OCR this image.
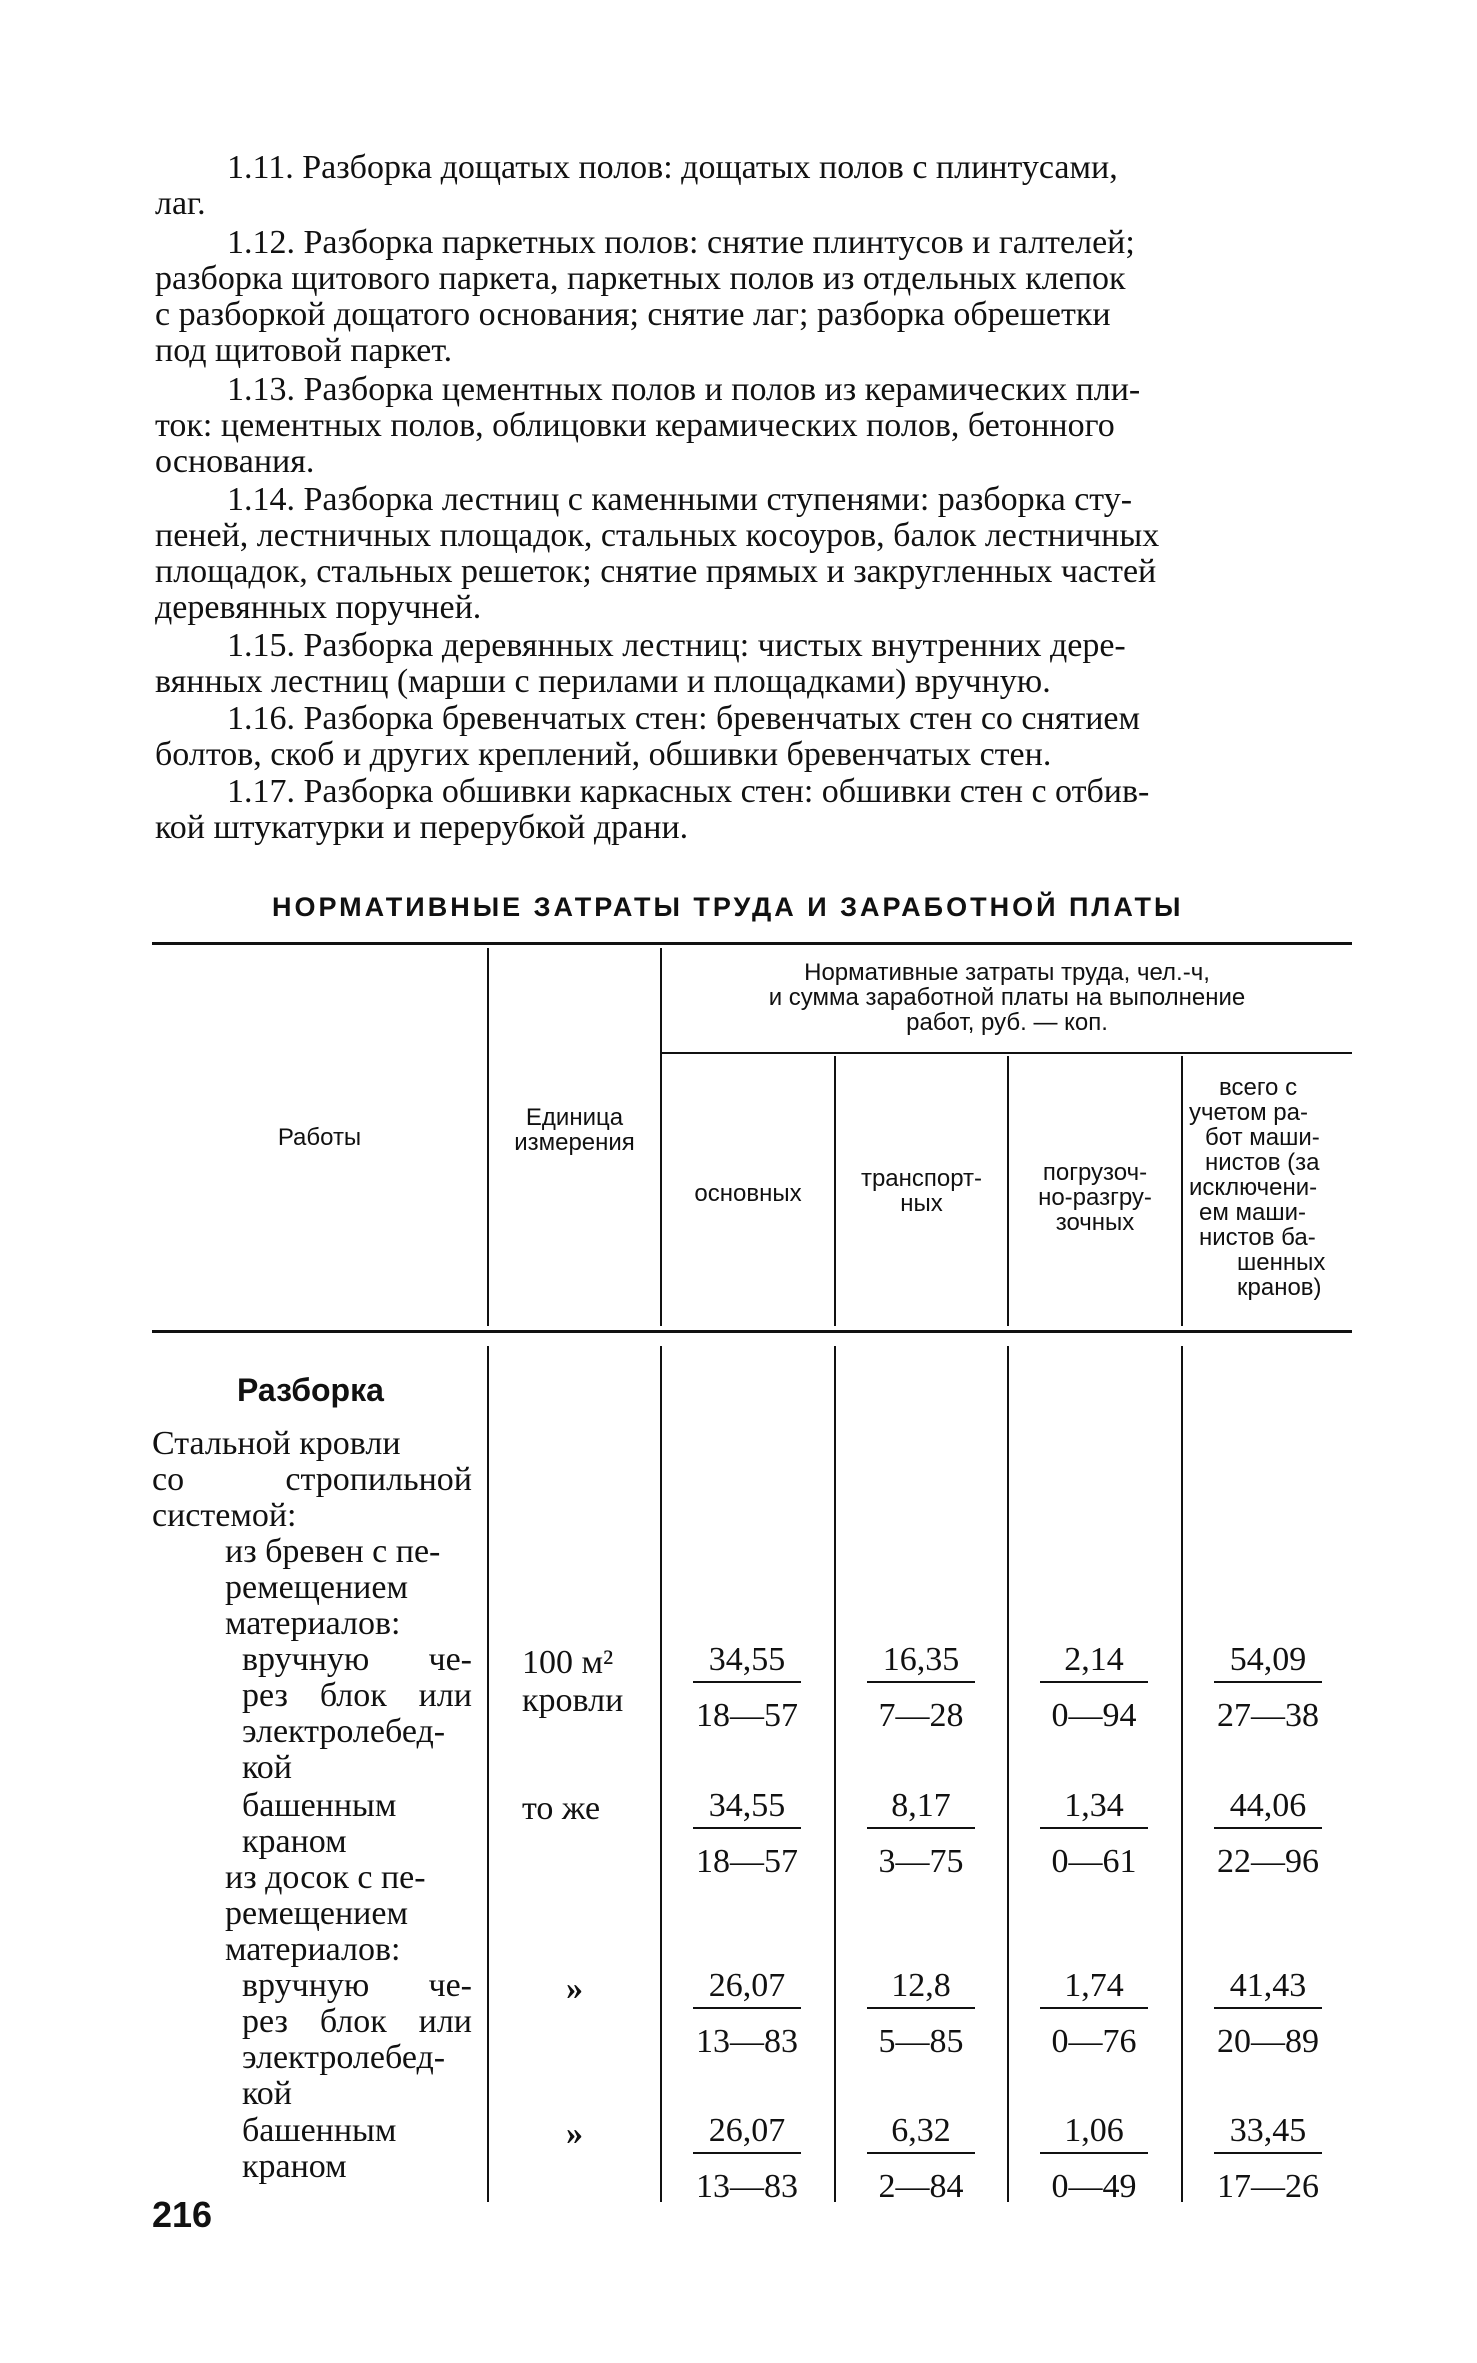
1.11. Разборка дощатых полов: дощатых полов с плинтусами,
лаг.
1.12. Разборка паркетных полов: снятие плинтусов и галтелей;
разборка щитового паркета, паркетных полов из отдельных клепок
с разборкой дощатого основания; снятие лаг; разборка обрешетки
под щитовой паркет.
1.13. Разборка цементных полов и полов из керамических пли-
ток: цементных полов, облицовки керамических полов, бетонного
основания.
1.14. Разборка лестниц с каменными ступенями: разборка сту-
пеней, лестничных площадок, стальных косоуров, балок лестничных
площадок, стальных решеток; снятие прямых и закругленных частей
деревянных поручней.
1.15. Разборка деревянных лестниц: чистых внутренних дере-
вянных лестниц (марши с перилами и площадками) вручную.
1.16. Разборка бревенчатых стен: бревенчатых стен со снятием
болтов, скоб и других креплений, обшивки бревенчатых стен.
1.17. Разборка обшивки каркасных стен: обшивки стен с отбив-
кой штукатурки и перерубкой драни.
НОРМАТИВНЫЕ ЗАТРАТЫ ТРУДА И ЗАРАБОТНОЙ ПЛАТЫ
Работы
Единица
измерения
Нормативные затраты труда, чел.-ч,
и сумма заработной платы на выполнение
работ, руб. — коп.
основных
транспорт-
ных
погрузоч-
но-разгру-
зочных
всего с
учетом ра-
бот маши-
нистов (за
исключени-
ем маши-
нистов ба-
шенных
кранов)
Разборка
Стальной кровли
со стропильной
системой:
из бревен с пе-
ремещением
материалов:
вручную че-
рез блок или
электролебед-
кой
башенным
краном
из досок с пе-
ремещением
материалов:
вручную че-
рез блок или
электролебед-
кой
башенным
краном
100 м²
кровли
то же
»
»
$\frac{34,55}{18—57} \frac{16,35}{7—28} \frac{2,14}{0—94} \frac{54,09}{27—38}$
$\frac{34,55}{18—57} \frac{8,17}{3—75} \frac{1,34}{0—61} \frac{44,06}{22—96}$
$\frac{26,07}{13—83} \frac{12,8}{5—85} \frac{1,74}{0—76} \frac{41,43}{20—89}$
$\frac{26,07}{13—83} \frac{6,32}{2—84} \frac{1,06}{0—49} \frac{33,45}{17—26}$
216
